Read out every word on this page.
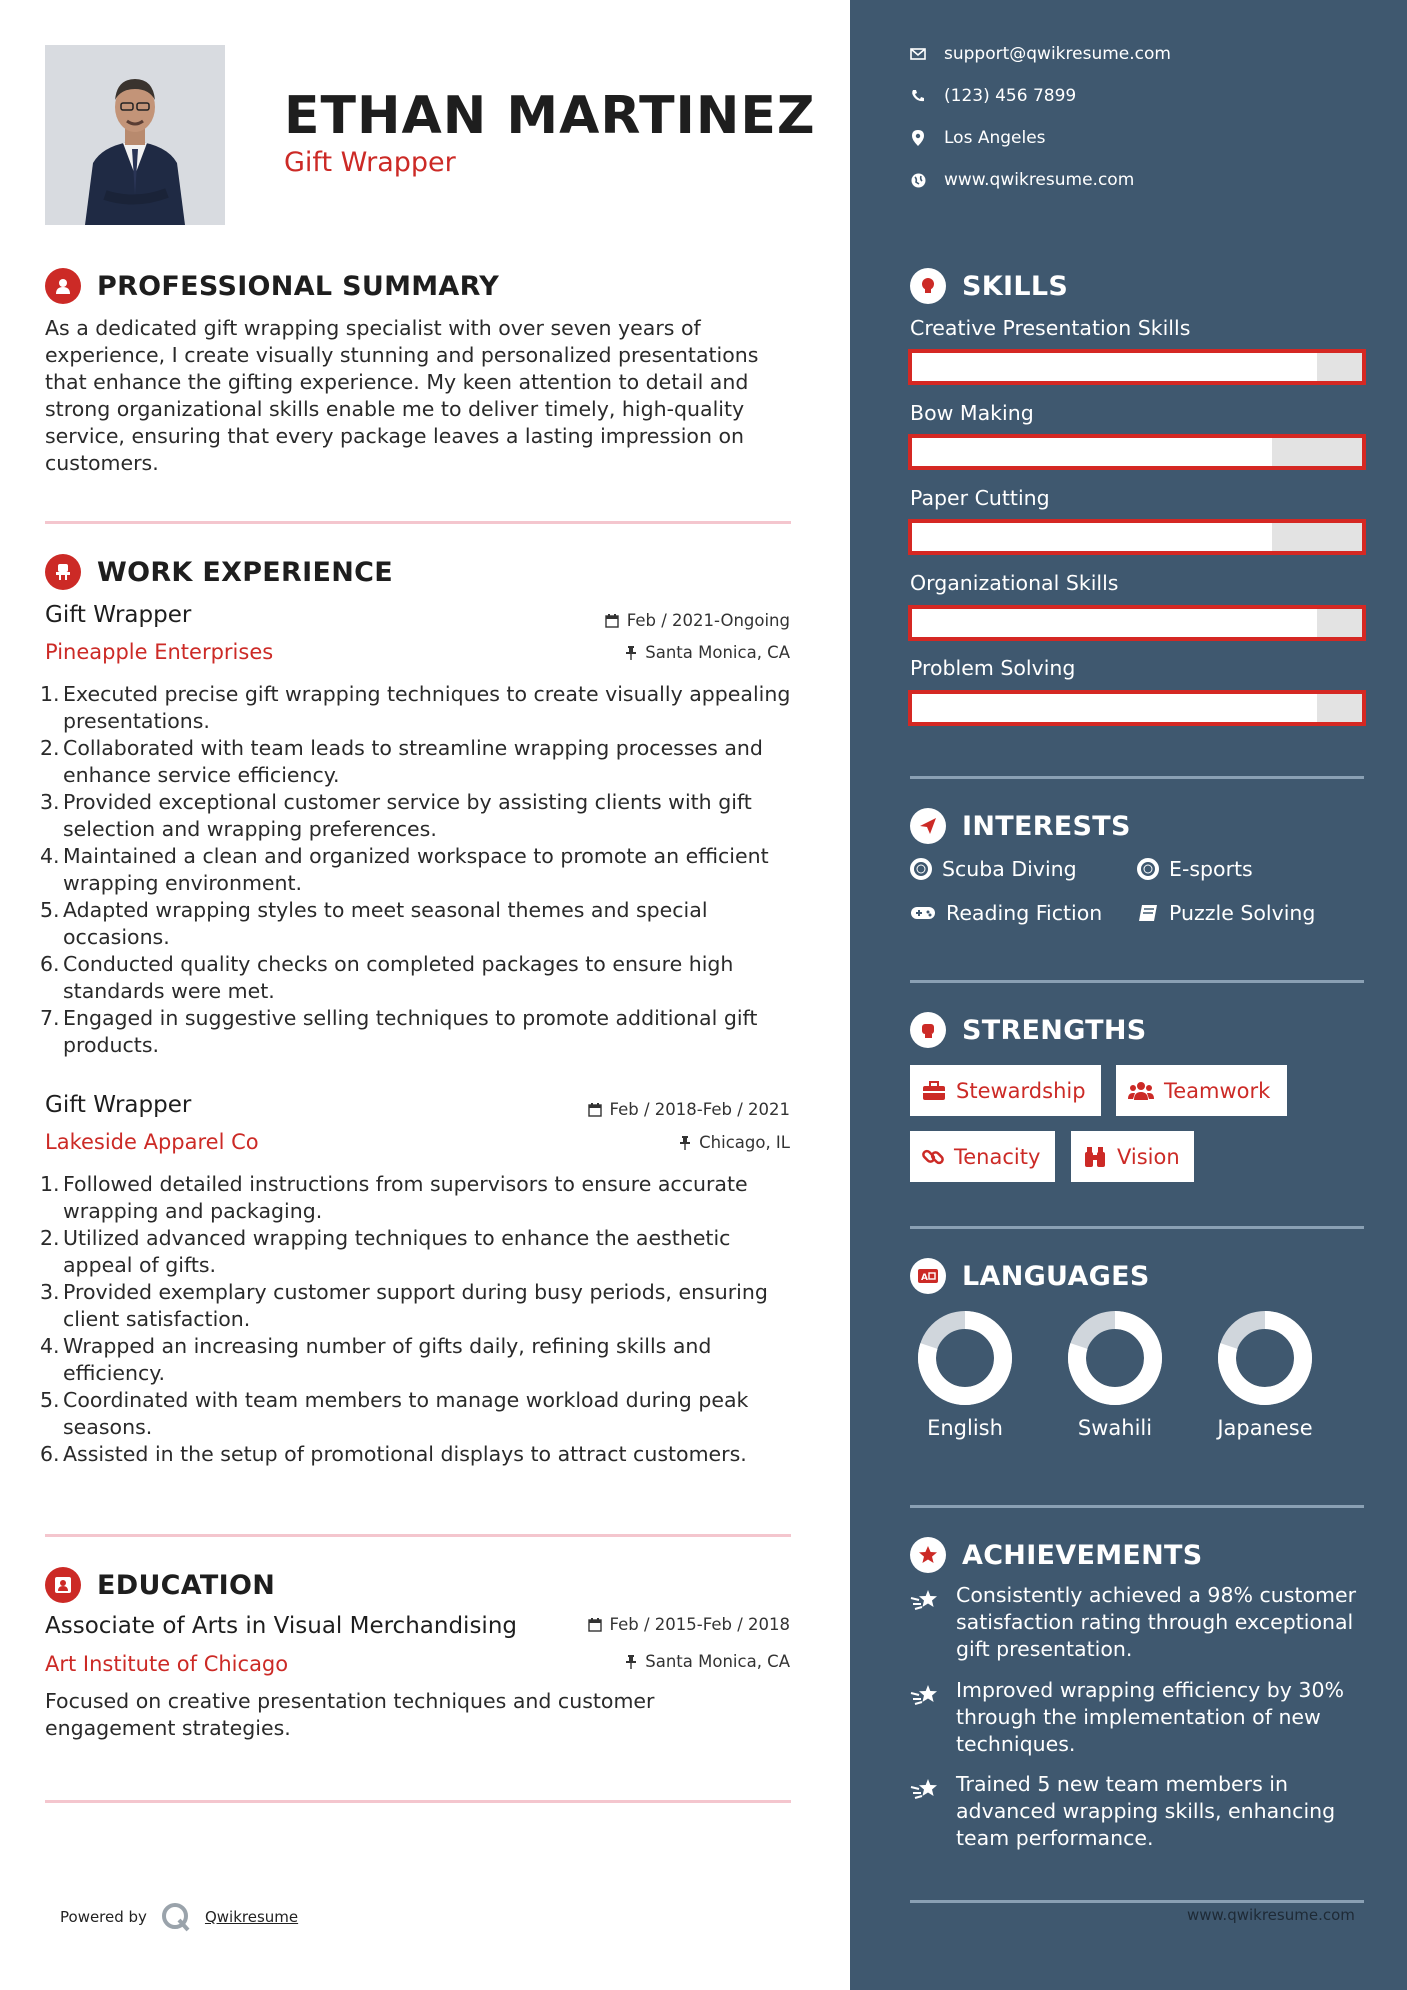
ETHAN MARTINEZ
Gift Wrapper
PROFESSIONAL SUMMARY
As a dedicated gift wrapping specialist with over seven years of experience, I create visually stunning and personalized presentations that enhance the gifting experience. My keen attention to detail and strong organizational skills enable me to deliver timely, high-quality service, ensuring that every package leaves a lasting impression on customers.
WORK EXPERIENCE
Gift Wrapper	Feb / 2021-Ongoing
Pineapple Enterprises	Santa Monica, CA
1. Executed precise gift wrapping techniques to create visually appealing presentations.
2. Collaborated with team leads to streamline wrapping processes and enhance service efficiency.
3. Provided exceptional customer service by assisting clients with gift selection and wrapping preferences.
4. Maintained a clean and organized workspace to promote an efficient wrapping environment.
5. Adapted wrapping styles to meet seasonal themes and special occasions.
6. Conducted quality checks on completed packages to ensure high standards were met.
7. Engaged in suggestive selling techniques to promote additional gift products.
Gift Wrapper	Feb / 2018-Feb / 2021
Lakeside Apparel Co	Chicago, IL
1. Followed detailed instructions from supervisors to ensure accurate wrapping and packaging.
2. Utilized advanced wrapping techniques to enhance the aesthetic appeal of gifts.
3. Provided exemplary customer support during busy periods, ensuring client satisfaction.
4. Wrapped an increasing number of gifts daily, refining skills and efficiency.
5. Coordinated with team members to manage workload during peak seasons.
6. Assisted in the setup of promotional displays to attract customers.
EDUCATION
Associate of Arts in Visual Merchandising	Feb / 2015-Feb / 2018
Art Institute of Chicago	Santa Monica, CA
Focused on creative presentation techniques and customer engagement strategies.
Powered by	Qwikresume
support@qwikresume.com
(123) 456 7899
Los Angeles
www.qwikresume.com
SKILLS
Creative Presentation Skills
Bow Making
Paper Cutting
Organizational Skills
Problem Solving
INTERESTS
Scuba Diving	E-sports
Reading Fiction	Puzzle Solving
STRENGTHS
Stewardship	Teamwork
Tenacity	Vision
A LANGUAGES
English	Swahili	Japanese
ACHIEVEMENTS
Consistently achieved a 98% customer satisfaction rating through exceptional gift presentation.
Improved wrapping efficiency by 30% through the implementation of new techniques.
Trained 5 new team members in advanced wrapping skills, enhancing team performance.
www.qwikresume.com
